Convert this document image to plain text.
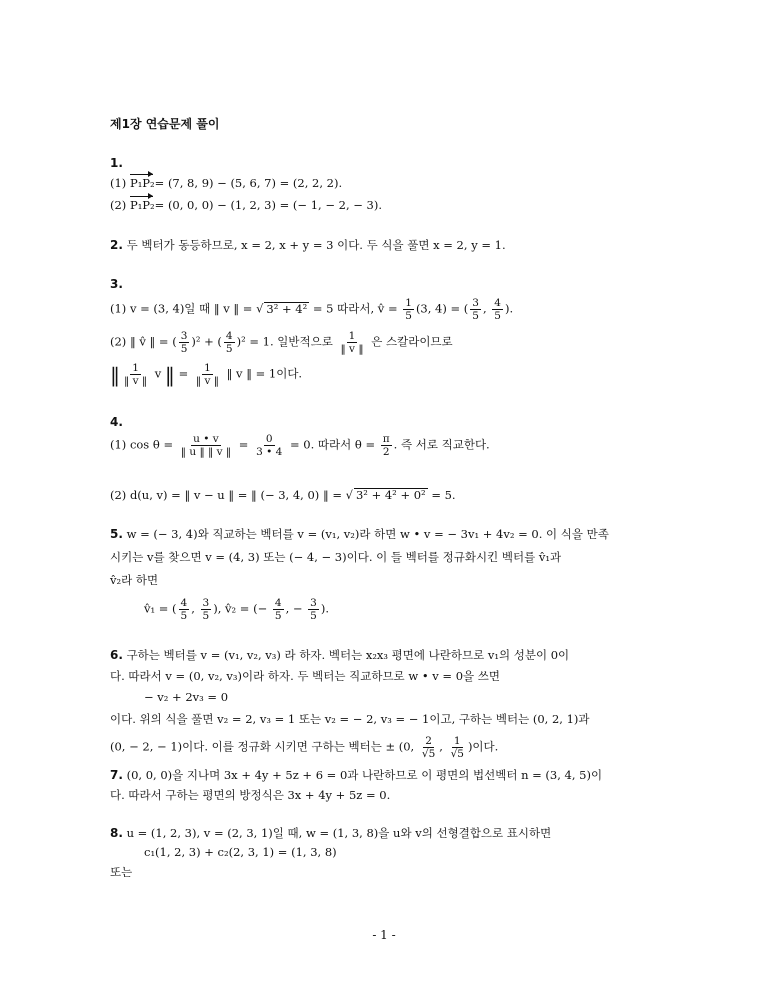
제1장 연습문제 풀이
1.
(1) P₁P₂= (7, 8, 9) − (5, 6, 7) = (2, 2, 2).
(2) P₁P₂= (0, 0, 0) − (1, 2, 3) = (− 1, − 2, − 3).
2. 두 벡터가 동등하므로, x = 2, x + y = 3 이다. 두 식을 풀면 x = 2, y = 1.
3.
(1) v = (3, 4)일 때 ‖ v ‖ = √ 3² + 4² = 5 따라서, v̂ = $\frac{1}{5} (3$, 4) = ( $\frac{3}{5}$ , $\frac{4}{5}$ ).
(2) ‖ v̂ ‖ = ( $\frac{3}{5} )^2$ + ( $\frac{4}{5} )^2 = 1$. 일반적으로 $\frac{1}{‖ v ‖}$ 은 스칼라이므로
‖ $\frac{1}{‖ v ‖}$ v ‖ = $\frac{1}{‖ v ‖}$ ‖ v ‖ = 1이다.
4.
(1) $\cos \theta = \frac{u • v}{‖ u ‖ ‖ v ‖} = \frac{0}{3 • 4} = 0$. 따라서 $\theta = \frac{\pi}{2}$ . 즉 서로 직교한다.
(2) d(u, v) = ‖ v − u ‖ = ‖ (− 3, 4, 0) ‖ = √ 3² + 4² + 0² = 5.
5. w = (− 3, 4)와 직교하는 벡터를 v = (v₁, v₂)라 하면 w • v = − 3v₁ + 4v₂ = 0. 이 식을 만족
시키는 v를 찾으면 v = (4, 3) 또는 (− 4, − 3)이다. 이 들 벡터를 정규화시킨 벡터를 v̂₁과
v̂₂라 하면
v̂₁ = ( $\frac{4}{5}$ , $\frac{3}{5}$ ), v̂₂ = (− $\frac{4}{5}$ , − $\frac{3}{5}$ ).
6. 구하는 벡터를 v = (v₁, v₂, v₃) 라 하자. 벡터는 x₂x₃ 평면에 나란하므로 v₁의 성분이 0이
다. 따라서 v = (0, v₂, v₃)이라 하자. 두 벡터는 직교하므로 w • v = 0을 쓰면
− v₂ + 2v₃ = 0
이다. 위의 식을 풀면 v₂ = 2, v₃ = 1 또는 v₂ = − 2, v₃ = − 1이고, 구하는 벡터는 (0, 2, 1)과
(0, − 2, − 1)이다. 이를 정규화 시키면 구하는 벡터는 ± (0, $\frac{2}{√5}$ , $\frac{1}{√5}$ )이다.
7. (0, 0, 0)을 지나며 3x + 4y + 5z + 6 = 0과 나란하므로 이 평면의 법선벡터 n = (3, 4, 5)이
다. 따라서 구하는 평면의 방정식은 3x + 4y + 5z = 0.
8. u = (1, 2, 3), v = (2, 3, 1)일 때, w = (1, 3, 8)을 u와 v의 선형결합으로 표시하면
c₁(1, 2, 3) + c₂(2, 3, 1) = (1, 3, 8)
또는
- 1 -
